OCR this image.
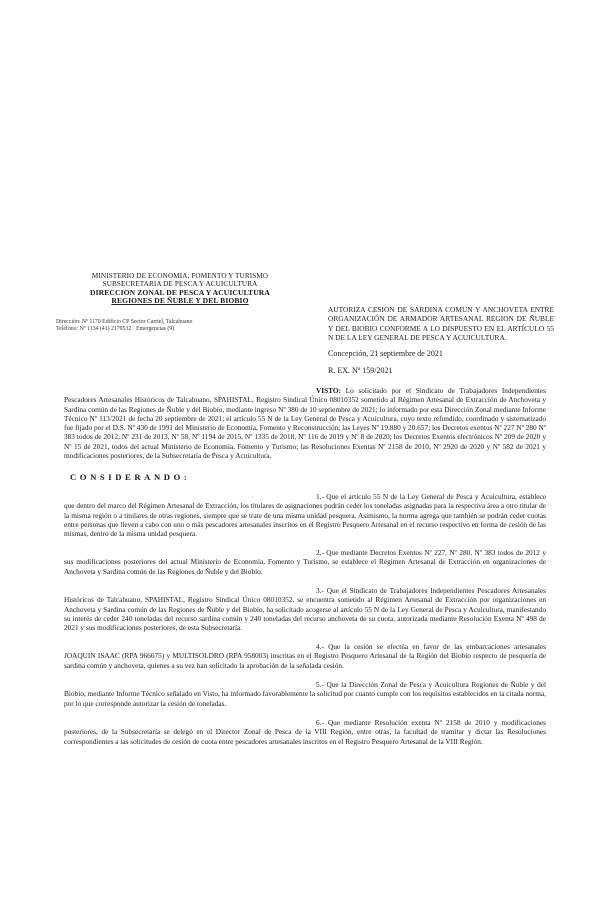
MINISTERIO DE ECONOMIA, FOMENTO Y TURISMO
SUBSECRETARIA DE PESCA Y ACUICULTURA
DIRECCION ZONAL DE PESCA Y ACUICULTURA
REGIONES DE ÑUBLE Y DEL BIOBIO
Dirección: Nº 1170 Edificio CP Sector Carriel, Talcahuano
Teléfono: Nº 1134 (41) 2179532 · Emergencias (9)
AUTORIZA CESION DE SARDINA COMUN Y ANCHOVETA ENTRE ORGANIZACIÓN DE ARMADOR ARTESANAL REGION DE ÑUBLE Y DEL BIOBIO CONFORME A LO DISPUESTO EN EL ARTÍCULO 55 N DE LA LEY GENERAL DE PESCA Y ACUICULTURA.
Concepción, 21 septiembre de 2021
R. EX. Nº 159/2021
VISTO: Lo solicitado por el Sindicato de Trabajadores Independientes Pescadores Artesanales Históricos de Talcahuano, SPAHISTAL, Registro Sindical Único 08010352 sometido al Régimen Artesanal de Extracción de Anchoveta y Sardina común de las Regiones de Ñuble y del Biobío, mediante ingreso Nº 380 de 10 septiembre de 2021; lo informado por esta Dirección Zonal mediante Informe Técnico Nº 113/2021 de fecha 20 septiembre de 2021; el artículo 55 N de la Ley General de Pesca y Acuicultura, cuyo texto refundido, coordinado y sistematizado fue fijado por el D.S. Nº 430 de 1991 del Ministerio de Economía, Fomento y Reconstrucción; las Leyes Nº 19.880 y 20.657; los Decretos exentos Nº 227 Nº 280 Nº 383 todos de 2012, Nº 231 de 2013, Nº 58, Nº 1194 de 2015, Nº 1335 de 2018, Nº 116 de 2019 y Nº 8 de 2020; los Decretos Exentos electrónicos Nº 209 de 2020 y Nº 15 de 2021, todos del actual Ministerio de Economía, Fomento y Turismo; las Resoluciones Exentas Nº 2158 de 2010, Nº 2920 de 2020 y Nº 582 de 2021 y modificaciones posteriores, de la Subsecretaría de Pesca y Acuicultura.
CONSIDERANDO:
1.- Que el artículo 55 N de la Ley General de Pesca y Acuicultura, establece que dentro del marco del Régimen Artesanal de Extracción, los titulares de asignaciones podrán ceder los toneladas asignadas para la respectiva área a otro titular de la misma región o a titulares de otras regiones, siempre que se trate de una misma unidad pesquera. Asimismo, la norma agrega que también se podrán ceder cuotas entre personas que lleven a cabo con uno o más pescadores artesanales inscritos en el Registro Pesquero Artesanal en el recurso respectivo en forma de cesión de las mismas, dentro de la misma unidad pesquera.
2.- Que mediante Decretos Exentos Nº 227, Nº 280, Nº 383 todos de 2012 y sus modificaciones posteriores del actual Ministerio de Economía, Fomento y Turismo, se establece el Régimen Artesanal de Extracción en organizaciones de Anchoveta y Sardina común de las Regiones de Ñuble y del Biobío.
3.- Que el Sindicato de Trabajadores Independientes Pescadores Artesanales Históricos de Talcahuano, SPAHISTAL, Registro Sindical Único 08010352, se encuentra sometido al Régimen Artesanal de Extracción por organizaciones en Anchoveta y Sardina común de las Regiones de Ñuble y del Biobío, ha solicitado acogerse al artículo 55 N de la Ley General de Pesca y Acuicultura, manifestando su interés de ceder 240 toneladas del recurso sardina común y 240 toneladas del recurso anchoveta de su cuota, autorizada mediante Resolución Exenta Nº 498 de 2021 y sus modificaciones posteriores, de esta Subsecretaría.
4.- Que la cesión se efectúa en favor de las embarcaciones artesanales JOAQUIN ISAAC (RPA 966675) y MULTISOLDRO (RPA 958003) inscritas en el Registro Pesquero Artesanal de la Región del Biobío respecto de pesquería de sardina común y anchoveta, quienes a su vez han solicitado la aprobación de la señalada cesión.
5.- Que la Dirección Zonal de Pesca y Acuicultura Regiones de Ñuble y del Biobío, mediante Informe Técnico señalado en Visto, ha informado favorablemente la solicitud por cuanto cumple con los requisitos establecidos en la citada norma, por lo que corresponde autorizar la cesión de toneladas.
6.- Que mediante Resolución exenta Nº 2158 de 2010 y modificaciones posteriores, de la Subsecretaría se delegó en el Director Zonal de Pesca de la VIII Región, entre otras, la facultad de tramitar y dictar las Resoluciones correspondientes a las solicitudes de cesión de cuota entre pescadores artesanales inscritos en el Registro Pesquero Artesanal de la VIII Región.
